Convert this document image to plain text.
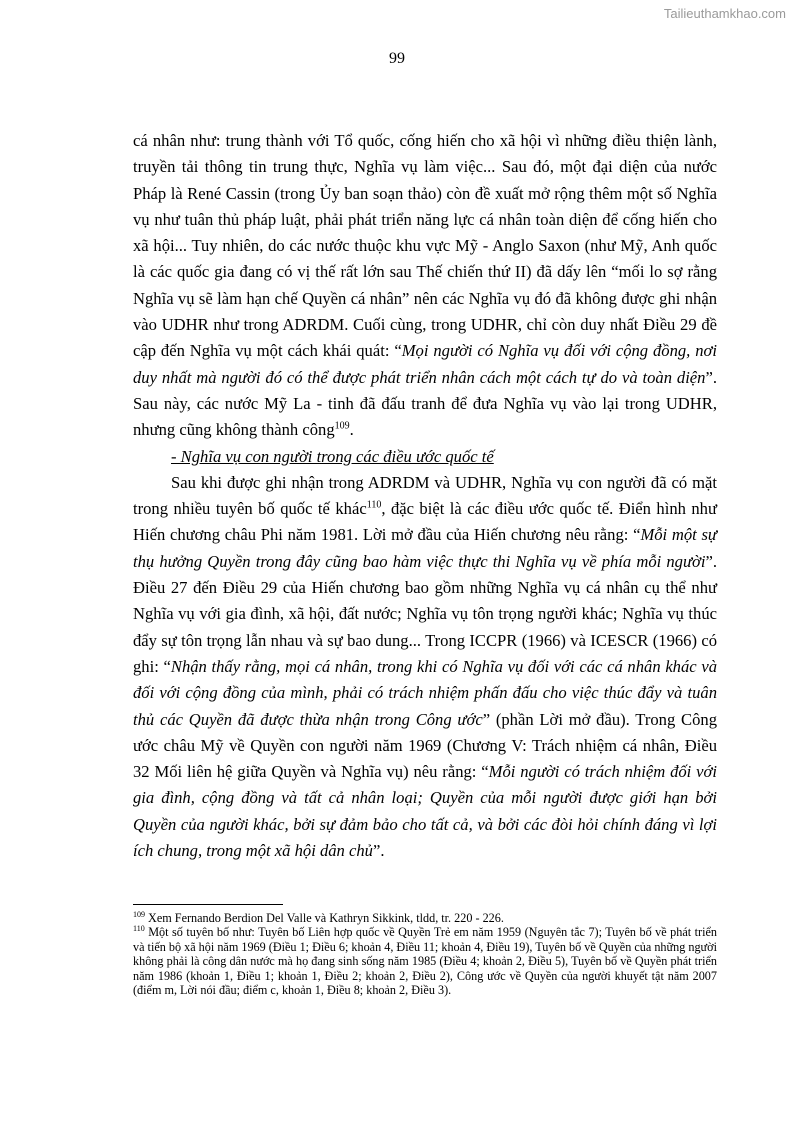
Tailieuthamkhao.com
99

cá nhân như: trung thành với Tổ quốc, cống hiến cho xã hội vì những điều thiện lành, truyền tải thông tin trung thực, Nghĩa vụ làm việc... Sau đó, một đại diện của nước Pháp là René Cassin (trong Ủy ban soạn thảo) còn đề xuất mở rộng thêm một số Nghĩa vụ như tuân thủ pháp luật, phải phát triển năng lực cá nhân toàn diện để cống hiến cho xã hội... Tuy nhiên, do các nước thuộc khu vực Mỹ - Anglo Saxon (như Mỹ, Anh quốc là các quốc gia đang có vị thế rất lớn sau Thế chiến thứ II) đã dấy lên “mối lo sợ rằng Nghĩa vụ sẽ làm hạn chế Quyền cá nhân” nên các Nghĩa vụ đó đã không được ghi nhận vào UDHR như trong ADRDM. Cuối cùng, trong UDHR, chỉ còn duy nhất Điều 29 đề cập đến Nghĩa vụ một cách khái quát: “Mọi người có Nghĩa vụ đối với cộng đồng, nơi duy nhất mà người đó có thể được phát triển nhân cách một cách tự do và toàn diện”. Sau này, các nước Mỹ La - tinh đã đấu tranh để đưa Nghĩa vụ vào lại trong UDHR, nhưng cũng không thành công$^{109}$.

- Nghĩa vụ con người trong các điều ước quốc tế

Sau khi được ghi nhận trong ADRDM và UDHR, Nghĩa vụ con người đã có mặt trong nhiều tuyên bố quốc tế khác$^{110}$, đặc biệt là các điều ước quốc tế. Điển hình như Hiến chương châu Phi năm 1981. Lời mở đầu của Hiến chương nêu rằng: “Mỗi một sự thụ hưởng Quyền trong đây cũng bao hàm việc thực thi Nghĩa vụ về phía mỗi người”. Điều 27 đến Điều 29 của Hiến chương bao gồm những Nghĩa vụ cá nhân cụ thể như Nghĩa vụ với gia đình, xã hội, đất nước; Nghĩa vụ tôn trọng người khác; Nghĩa vụ thúc đẩy sự tôn trọng lẫn nhau và sự bao dung... Trong ICCPR (1966) và ICESCR (1966) có ghi: “Nhận thấy rằng, mọi cá nhân, trong khi có Nghĩa vụ đối với các cá nhân khác và đối với cộng đồng của mình, phải có trách nhiệm phấn đấu cho việc thúc đẩy và tuân thủ các Quyền đã được thừa nhận trong Công ước” (phần Lời mở đầu). Trong Công ước châu Mỹ về Quyền con người năm 1969 (Chương V: Trách nhiệm cá nhân, Điều 32 Mối liên hệ giữa Quyền và Nghĩa vụ) nêu rằng: “Mỗi người có trách nhiệm đối với gia đình, cộng đồng và tất cả nhân loại; Quyền của mỗi người được giới hạn bởi Quyền của người khác, bởi sự đảm bảo cho tất cả, và bởi các đòi hỏi chính đáng vì lợi ích chung, trong một xã hội dân chủ”.

$^{109}$ Xem Fernando Berdion Del Valle và Kathryn Sikkink, tldd, tr. 220 - 226.

$^{110}$ Một số tuyên bố như: Tuyên bố Liên hợp quốc về Quyền Trẻ em năm 1959 (Nguyên tắc 7); Tuyên bố về phát triển và tiến bộ xã hội năm 1969 (Điều 1; Điều 6; khoản 4, Điều 11; khoản 4, Điều 19), Tuyên bố về Quyền của những người không phải là công dân nước mà họ đang sinh sống năm 1985 (Điều 4; khoản 2, Điều 5), Tuyên bố về Quyền phát triển năm 1986 (khoản 1, Điều 1; khoản 1, Điều 2; khoản 2, Điều 2), Công ước về Quyền của người khuyết tật năm 2007 (điểm m, Lời nói đầu; điểm c, khoản 1, Điều 8; khoản 2, Điều 3).
